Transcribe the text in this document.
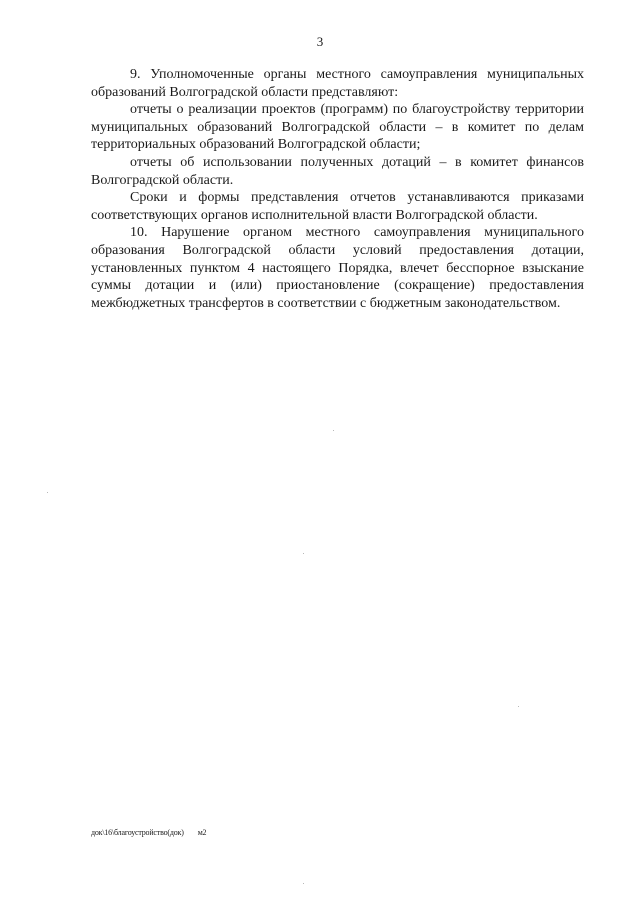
3

9. Уполномоченные органы местного самоуправления муниципальных образований Волгоградской области представляют:

отчеты о реализации проектов (программ) по благоустройству территории муниципальных образований Волгоградской области – в комитет по делам территориальных образований Волгоградской области;

отчеты об использовании полученных дотаций – в комитет финансов Волгоградской области.

Сроки и формы представления отчетов устанавливаются приказами соответствующих органов исполнительной власти Волгоградской области.

10. Нарушение органом местного самоуправления муниципального образования Волгоградской области условий предоставления дотации, установленных пунктом 4 настоящего Порядка, влечет бесспорное взыскание суммы дотации и (или) приостановление (сокращение) предоставления межбюджетных трансфертов в соответствии с бюджетным законодательством.

док\16\благоустройство(док) м2
